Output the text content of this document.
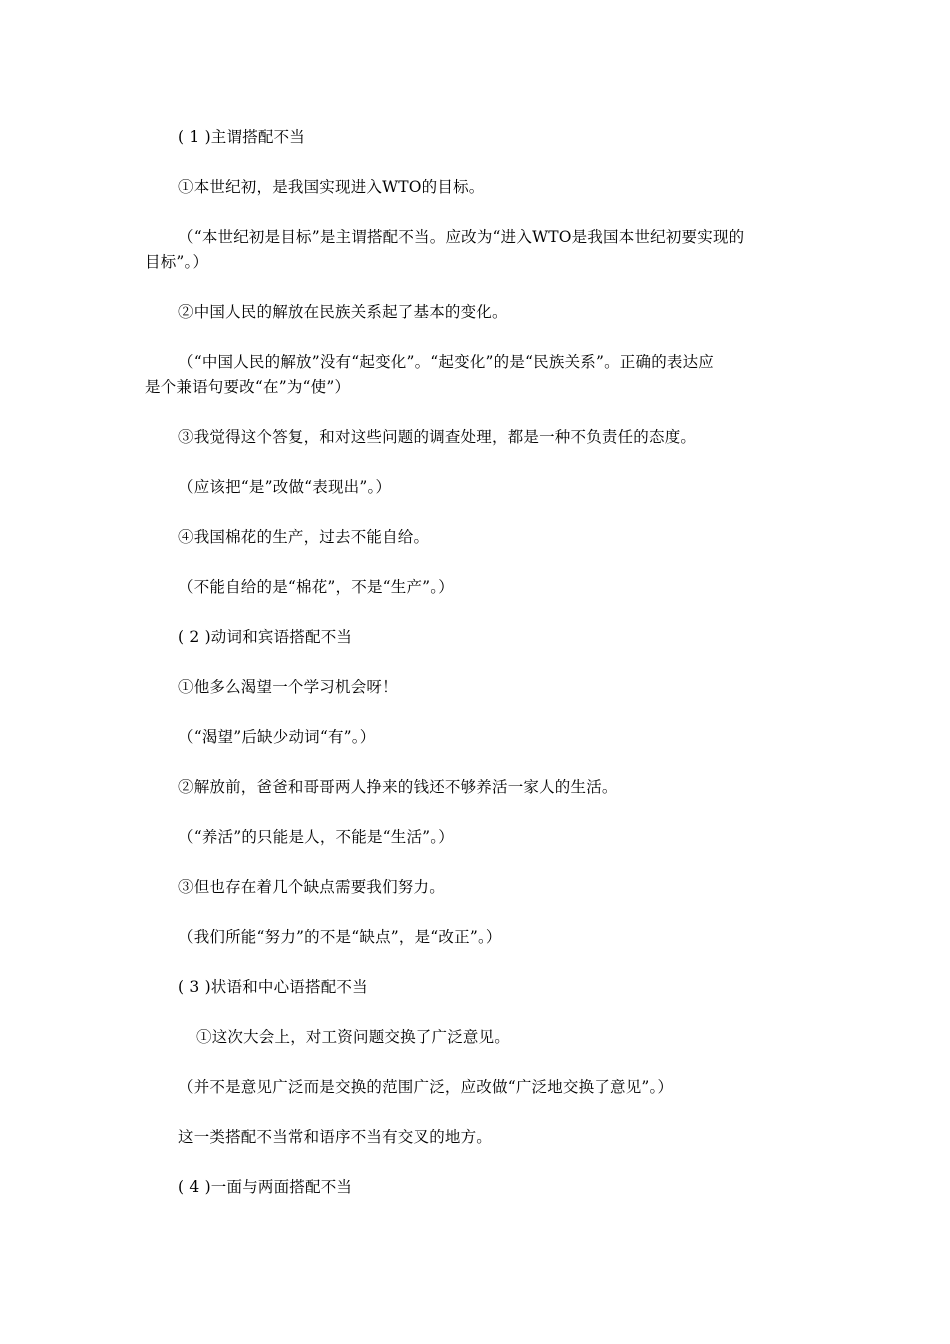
( 1 )主谓搭配不当
①本世纪初，是我国实现进入WTO的目标。
（“本世纪初是目标”是主谓搭配不当。应改为“进入WTO是我国本世纪初要实现的
目标”。）
②中国人民的解放在民族关系起了基本的变化。
（“中国人民的解放”没有“起变化”。“起变化”的是“民族关系”。正确的表达应
是个兼语句要改“在”为“使”）
③我觉得这个答复，和对这些问题的调查处理，都是一种不负责任的态度。
（应该把“是”改做“表现出”。）
④我国棉花的生产，过去不能自给。
（不能自给的是“棉花”，不是“生产”。）
( 2 )动词和宾语搭配不当
①他多么渴望一个学习机会呀！
（“渴望”后缺少动词“有”。）
②解放前，爸爸和哥哥两人挣来的钱还不够养活一家人的生活。
（“养活”的只能是人，不能是“生活”。）
③但也存在着几个缺点需要我们努力。
（我们所能“努力”的不是“缺点”，是“改正”。）
( 3 )状语和中心语搭配不当
①这次大会上，对工资问题交换了广泛意见。
（并不是意见广泛而是交换的范围广泛，应改做“广泛地交换了意见”。）
这一类搭配不当常和语序不当有交叉的地方。
( 4 )一面与两面搭配不当
